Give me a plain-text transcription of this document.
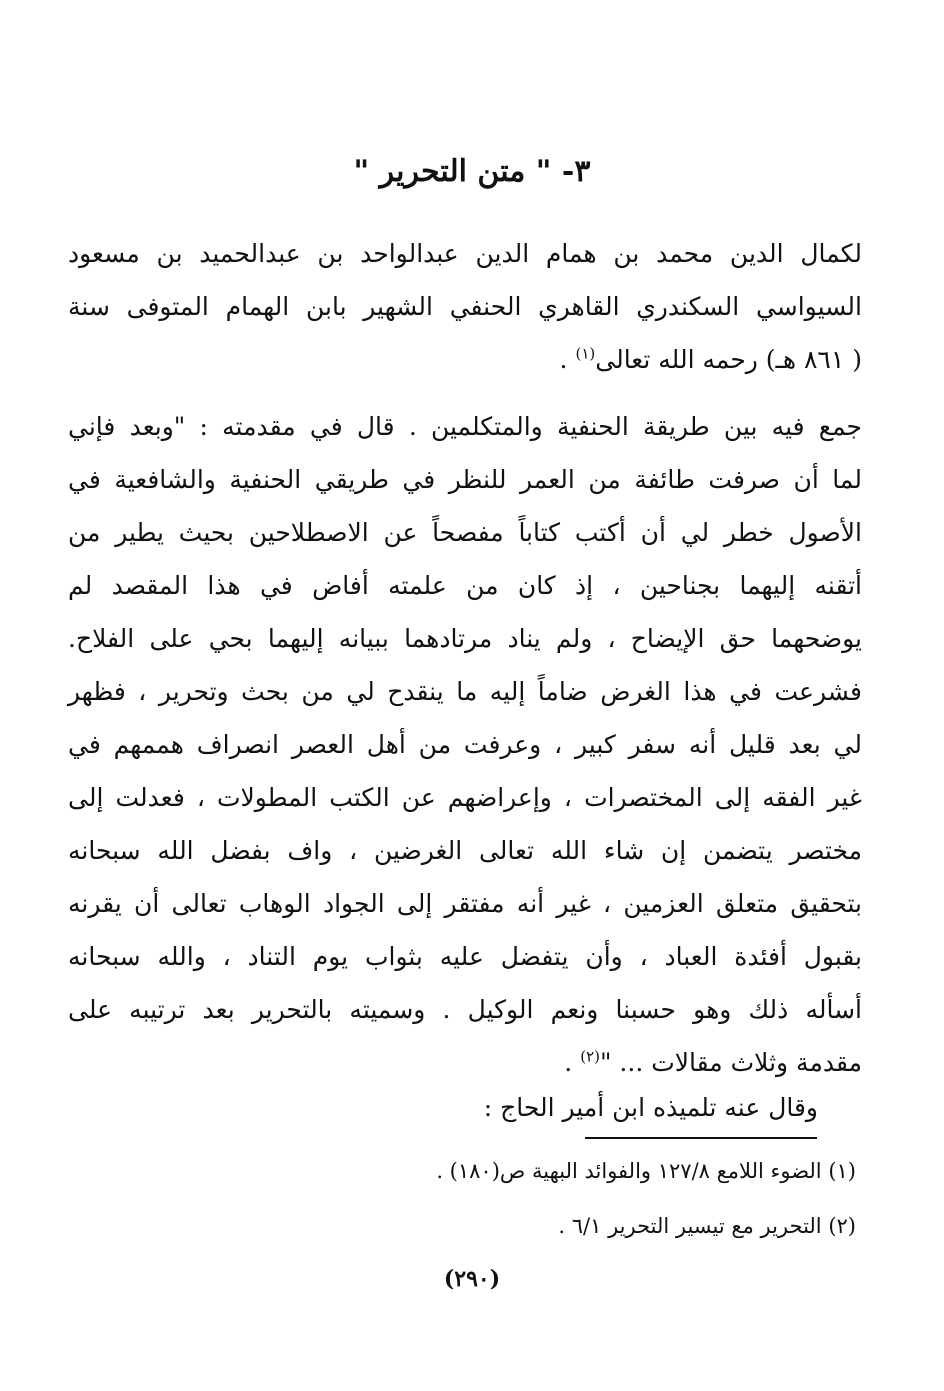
٣- " متن التحرير "
لكمال الدين محمد بن همام الدين عبدالواحد بن عبدالحميد بن مسعود
السيواسي السكندري القاهري الحنفي الشهير بابن الهمام المتوفى سنة
( ٨٦١ هـ) رحمه الله تعالى$^{(١)}$ .
جمع فيه بين طريقة الحنفية والمتكلمين . قال في مقدمته : "وبعد فإني
لما أن صرفت طائفة من العمر للنظر في طريقي الحنفية والشافعية في
الأصول خطر لي أن أكتب كتاباً مفصحاً عن الاصطلاحين بحيث يطير من
أتقنه إليهما بجناحين ، إذ كان من علمته أفاض في هذا المقصد لم
يوضحهما حق الإيضاح ، ولم يناد مرتادهما ببيانه إليهما بحي على الفلاح.
فشرعت في هذا الغرض ضاماً إليه ما ينقدح لي من بحث وتحرير ، فظهر
لي بعد قليل أنه سفر كبير ، وعرفت من أهل العصر انصراف هممهم في
غير الفقه إلى المختصرات ، وإعراضهم عن الكتب المطولات ، فعدلت إلى
مختصر يتضمن إن شاء الله تعالى الغرضين ، واف بفضل الله سبحانه
بتحقيق متعلق العزمين ، غير أنه مفتقر إلى الجواد الوهاب تعالى أن يقرنه
بقبول أفئدة العباد ، وأن يتفضل عليه بثواب يوم التناد ، والله سبحانه
أسأله ذلك وهو حسبنا ونعم الوكيل . وسميته بالتحرير بعد ترتيبه على
مقدمة وثلاث مقالات ... "$^{(٢)}$ .
وقال عنه تلميذه ابن أمير الحاج :
(١) الضوء اللامع ١٢٧/٨ والفوائد البهية ص(١٨٠) .
(٢) التحرير مع تيسير التحرير ٦/١ .
(٢٩٠)
